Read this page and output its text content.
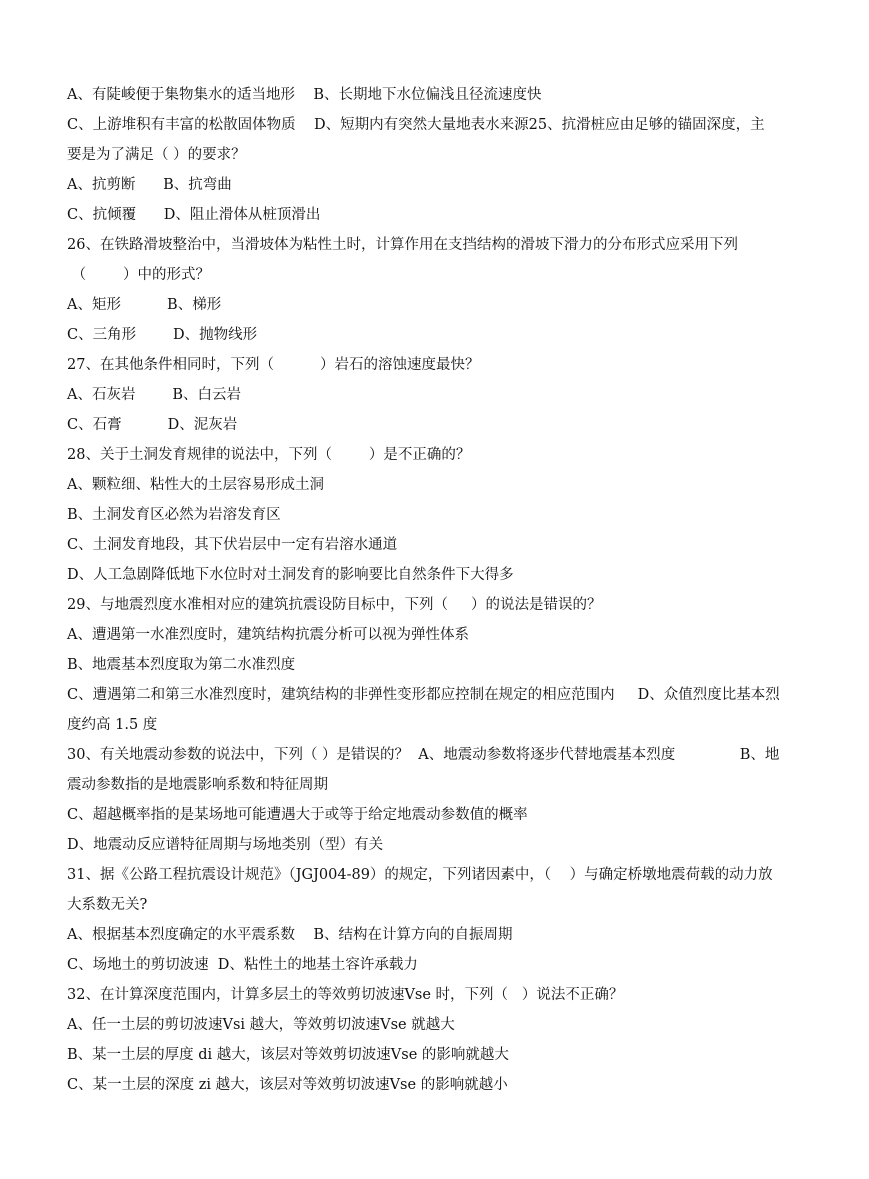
A、有陡峻便于集物集水的适当地形    B、长期地下水位偏浅且径流速度快

C、上游堆积有丰富的松散固体物质    D、短期内有突然大量地表水来源25、抗滑桩应由足够的锚固深度，主

要是为了满足（ ）的要求？

A、抗剪断      B、抗弯曲

C、抗倾覆      D、阻止滑体从桩顶滑出

26、在铁路滑坡整治中，当滑坡体为粘性土时，计算作用在支挡结构的滑坡下滑力的分布形式应采用下列

（        ）中的形式？

A、矩形          B、梯形

C、三角形        D、抛物线形

27、在其他条件相同时，下列（          ）岩石的溶蚀速度最快？

A、石灰岩        B、白云岩

C、石膏          D、泥灰岩

28、关于土洞发育规律的说法中，下列（        ）是不正确的？

A、颗粒细、粘性大的土层容易形成土洞

B、土洞发育区必然为岩溶发育区

C、土洞发育地段，其下伏岩层中一定有岩溶水通道

D、人工急剧降低地下水位时对土洞发育的影响要比自然条件下大得多

29、与地震烈度水准相对应的建筑抗震设防目标中，下列（     ）的说法是错误的？

A、遭遇第一水准烈度时，建筑结构抗震分析可以视为弹性体系

B、地震基本烈度取为第二水准烈度

C、遭遇第二和第三水准烈度时，建筑结构的非弹性变形都应控制在规定的相应范围内     D、众值烈度比基本烈

度约高 1.5 度

30、有关地震动参数的说法中，下列（ ）是错误的？  A、地震动参数将逐步代替地震基本烈度              B、地

震动参数指的是地震影响系数和特征周期

C、超越概率指的是某场地可能遭遇大于或等于给定地震动参数值的概率

D、地震动反应谱特征周期与场地类别（型）有关

31、据《公路工程抗震设计规范》（JGJ004-89）的规定，下列诸因素中，（    ）与确定桥墩地震荷载的动力放

大系数无关?

A、根据基本烈度确定的水平震系数    B、结构在计算方向的自振周期

C、场地土的剪切波速  D、粘性土的地基土容许承载力

32、在计算深度范围内，计算多层土的等效剪切波速Vse 时，下列（   ）说法不正确？

A、任一土层的剪切波速Vsi 越大，等效剪切波速Vse 就越大

B、某一土层的厚度 di 越大，该层对等效剪切波速Vse 的影响就越大

C、某一土层的深度 zi 越大，该层对等效剪切波速Vse 的影响就越小
